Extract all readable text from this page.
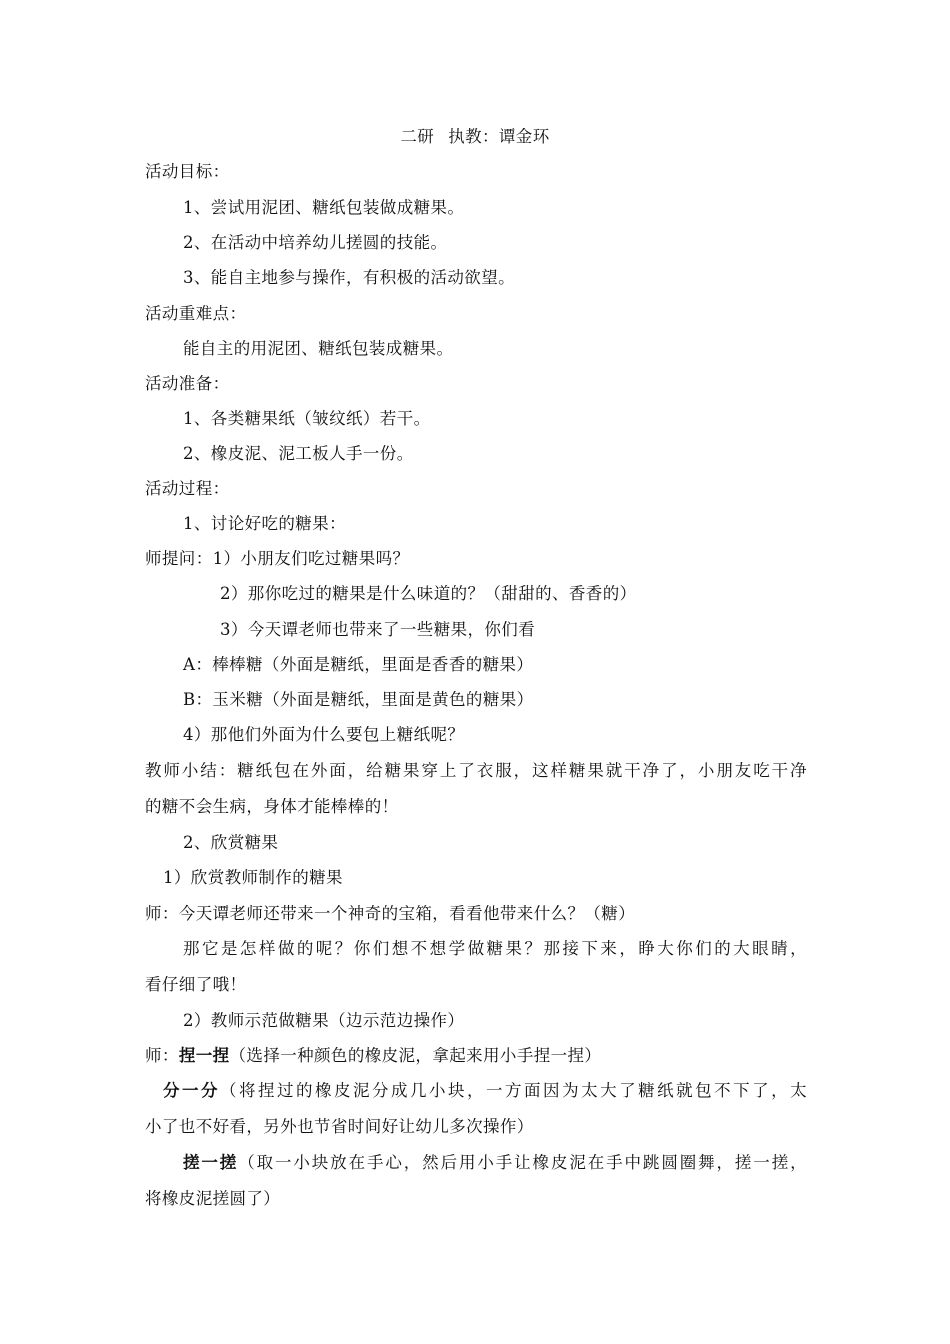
二研 执教：谭金环
活动目标：
1、尝试用泥团、糖纸包装做成糖果。
2、在活动中培养幼儿搓圆的技能。
3、能自主地参与操作，有积极的活动欲望。
活动重难点：
能自主的用泥团、糖纸包装成糖果。
活动准备：
1、各类糖果纸（皱纹纸）若干。
2、橡皮泥、泥工板人手一份。
活动过程：
1、讨论好吃的糖果：
师提问：1）小朋友们吃过糖果吗？
2）那你吃过的糖果是什么味道的？（甜甜的、香香的）
3）今天谭老师也带来了一些糖果，你们看
A：棒棒糖（外面是糖纸，里面是香香的糖果）
B：玉米糖（外面是糖纸，里面是黄色的糖果）
4）那他们外面为什么要包上糖纸呢？
教师小结：糖纸包在外面，给糖果穿上了衣服，这样糖果就干净了，小朋友吃干净
的糖不会生病，身体才能棒棒的！
2、欣赏糖果
1）欣赏教师制作的糖果
师：今天谭老师还带来一个神奇的宝箱，看看他带来什么？（糖）
那它是怎样做的呢？你们想不想学做糖果？那接下来，睁大你们的大眼睛，
看仔细了哦！
2）教师示范做糖果（边示范边操作）
师：捏一捏（选择一种颜色的橡皮泥，拿起来用小手捏一捏）
分一分（将捏过的橡皮泥分成几小块，一方面因为太大了糖纸就包不下了，太
小了也不好看，另外也节省时间好让幼儿多次操作）
搓一搓（取一小块放在手心，然后用小手让橡皮泥在手中跳圆圈舞，搓一搓，
将橡皮泥搓圆了）
